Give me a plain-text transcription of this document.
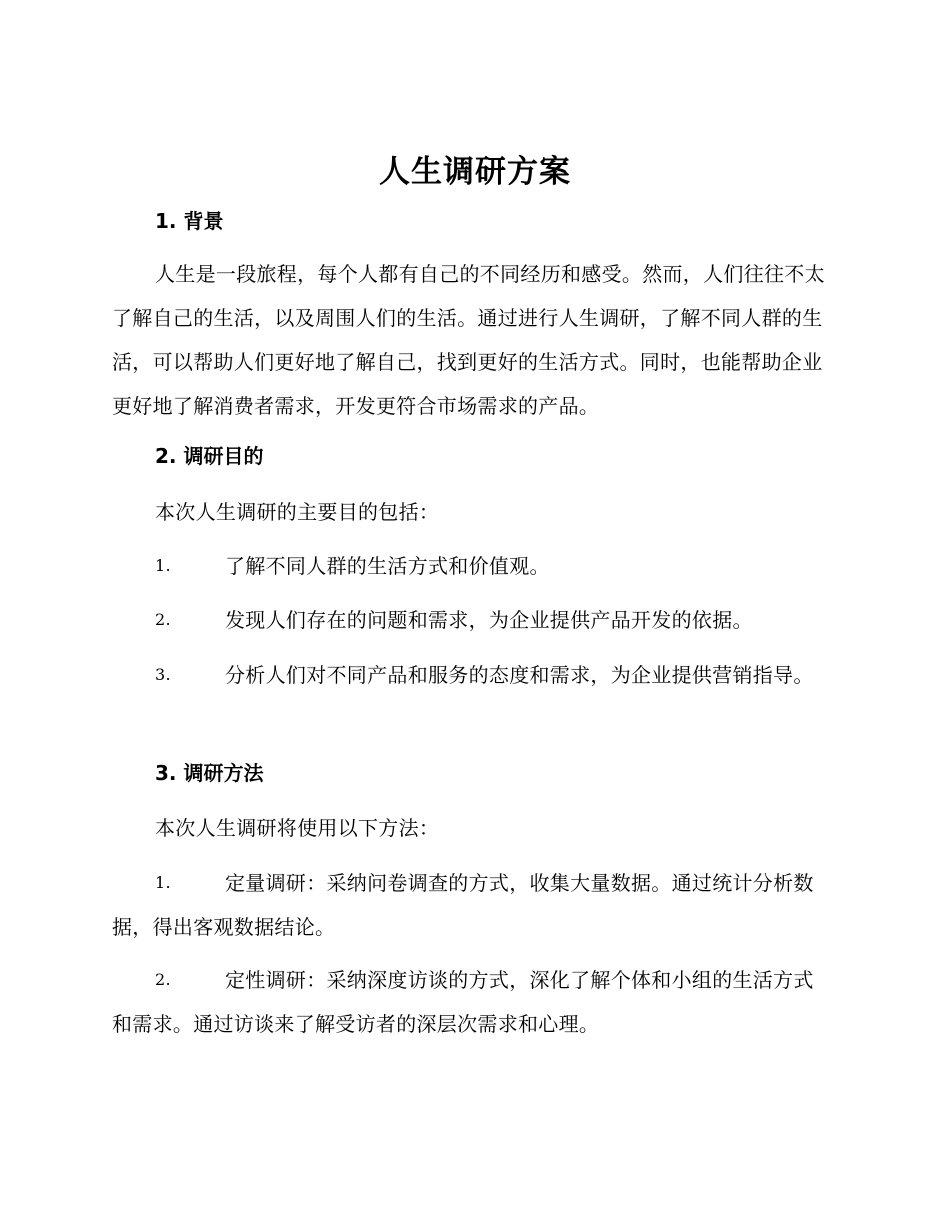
人生调研方案
1. 背景

人生是一段旅程，每个人都有自己的不同经历和感受。然而，人们往往不太了解自己的生活，以及周围人们的生活。通过进行人生调研，了解不同人群的生活，可以帮助人们更好地了解自己，找到更好的生活方式。同时，也能帮助企业更好地了解消费者需求，开发更符合市场需求的产品。

2. 调研目的
本次人生调研的主要目的包括：
1.	了解不同人群的生活方式和价值观。
2.	发现人们存在的问题和需求，为企业提供产品开发的依据。
3.	分析人们对不同产品和服务的态度和需求，为企业提供营销指导。
3. 调研方法
本次人生调研将使用以下方法：
1.	定量调研：采纳问卷调查的方式，收集大量数据。通过统计分析数据，得出客观数据结论。
2.	定性调研：采纳深度访谈的方式，深化了解个体和小组的生活方式和需求。通过访谈来了解受访者的深层次需求和心理。
